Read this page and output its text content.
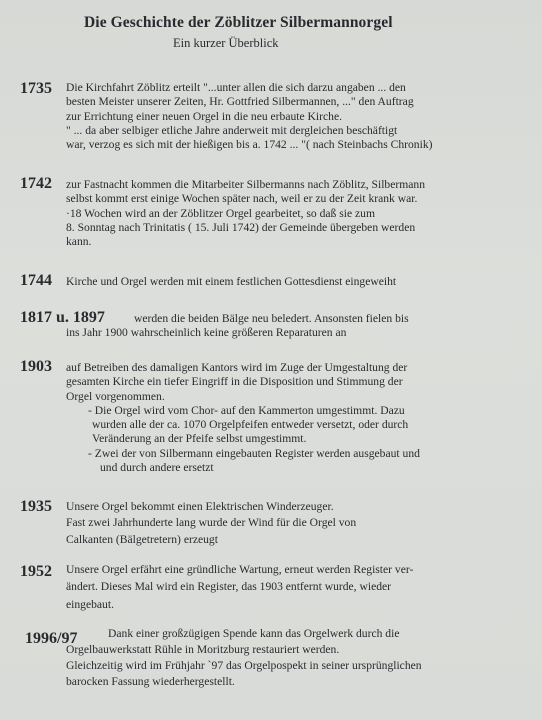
Die Geschichte der Zöblitzer Silbermannorgel
Ein kurzer Überblick
1735 Die Kirchfahrt Zöblitz erteilt "...unter allen die sich darzu angaben ... den
besten Meister unserer Zeiten, Hr. Gottfried Silbermannen, ..." den Auftrag
zur Errichtung einer neuen Orgel in die neu erbaute Kirche.
" ... da aber selbiger etliche Jahre anderweit mit dergleichen beschäftigt
war, verzog es sich mit der hießigen bis a. 1742 ... "( nach Steinbachs Chronik)
1742 zur Fastnacht kommen die Mitarbeiter Silbermanns nach Zöblitz, Silbermann
selbst kommt erst einige Wochen später nach, weil er zu der Zeit krank war.
·18 Wochen wird an der Zöblitzer Orgel gearbeitet, so daß sie zum
8. Sonntag nach Trinitatis ( 15. Juli 1742) der Gemeinde übergeben werden
kann.
1744 Kirche und Orgel werden mit einem festlichen Gottesdienst eingeweiht
1817 u. 1897	werden die beiden Bälge neu beledert. Ansonsten fielen bis
ins Jahr 1900 wahrscheinlich keine größeren Reparaturen an
1903 auf Betreiben des damaligen Kantors wird im Zuge der Umgestaltung der
gesamten Kirche ein tiefer Eingriff in die Disposition und Stimmung der
Orgel vorgenommen.
- Die Orgel wird vom Chor- auf den Kammerton umgestimmt. Dazu
wurden alle der ca. 1070 Orgelpfeifen entweder versetzt, oder durch
Veränderung an der Pfeife selbst umgestimmt.
- Zwei der von Silbermann eingebauten Register werden ausgebaut und
und durch andere ersetzt
1935 Unsere Orgel bekommt einen Elektrischen Winderzeuger.
Fast zwei Jahrhunderte lang wurde der Wind für die Orgel von
Calkanten (Bälgetretern) erzeugt
1952 Unsere Orgel erfährt eine gründliche Wartung, erneut werden Register ver-
ändert. Dieses Mal wird ein Register, das 1903 entfernt wurde, wieder
eingebaut.
1996/97	Dank einer großzügigen Spende kann das Orgelwerk durch die
Orgelbauwerkstatt Rühle in Moritzburg restauriert werden.
Gleichzeitig wird im Frühjahr `97 das Orgelpospekt in seiner ursprünglichen
barocken Fassung wiederhergestellt.
